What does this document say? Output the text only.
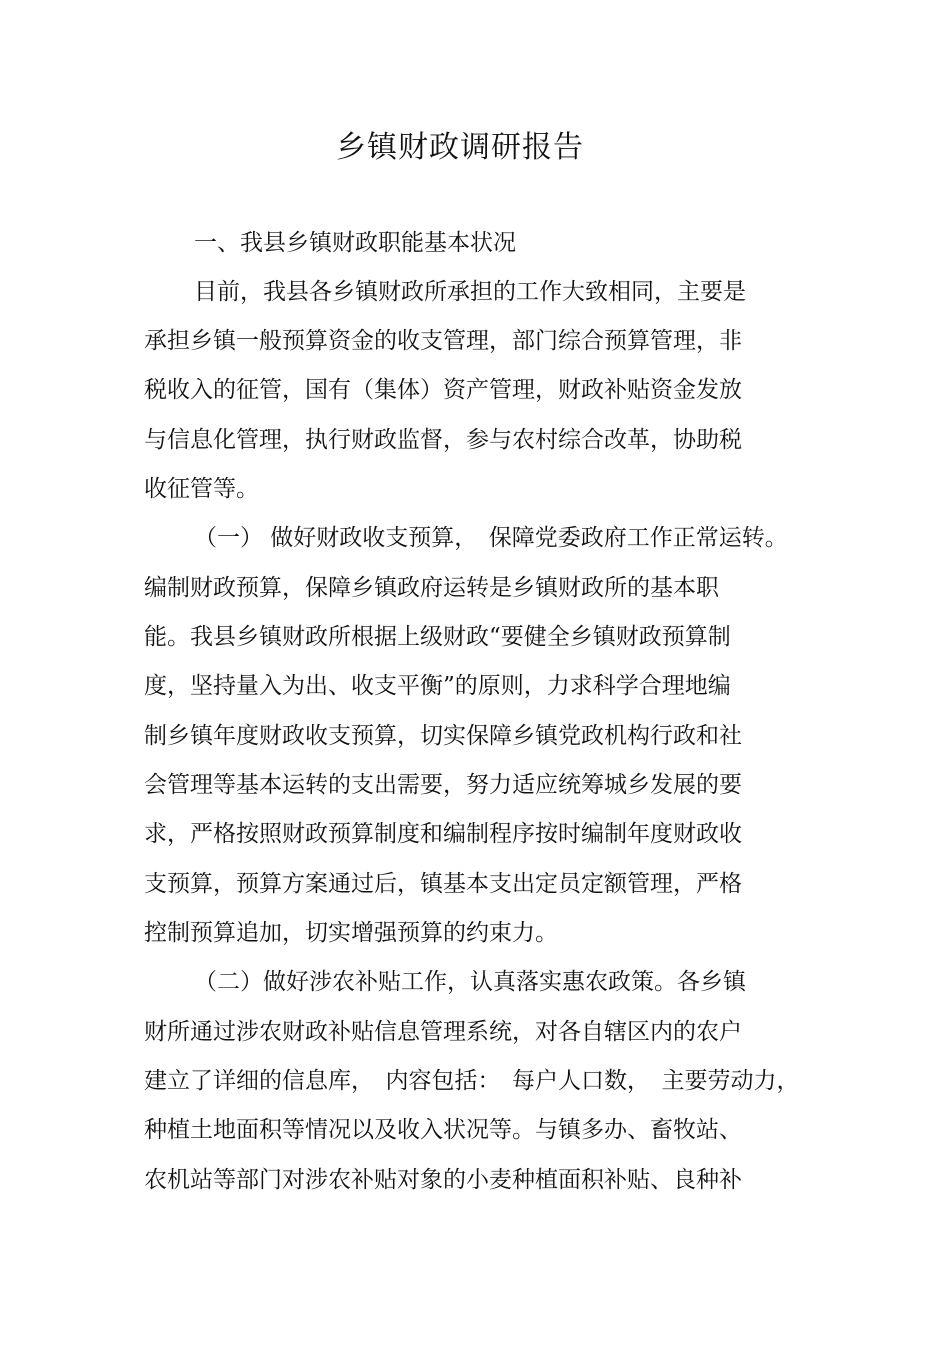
乡镇财政调研报告
一、我县乡镇财政职能基本状况
目前，我县各乡镇财政所承担的工作大致相同，主要是
承担乡镇一般预算资金的收支管理，部门综合预算管理，非
税收入的征管，国有（集体）资产管理，财政补贴资金发放
与信息化管理，执行财政监督，参与农村综合改革，协助税
收征管等。
（一） 做好财政收支预算，　保障党委政府工作正常运转。
编制财政预算，保障乡镇政府运转是乡镇财政所的基本职
能。我县乡镇财政所根据上级财政“要健全乡镇财政预算制
度，坚持量入为出、收支平衡”的原则，力求科学合理地编
制乡镇年度财政收支预算，切实保障乡镇党政机构行政和社
会管理等基本运转的支出需要，努力适应统筹城乡发展的要
求，严格按照财政预算制度和编制程序按时编制年度财政收
支预算，预算方案通过后，镇基本支出定员定额管理，严格
控制预算追加，切实增强预算的约束力。
（二）做好涉农补贴工作，认真落实惠农政策。各乡镇
财所通过涉农财政补贴信息管理系统，对各自辖区内的农户
建立了详细的信息库，　内容包括：　每户人口数，　主要劳动力，
种植土地面积等情况以及收入状况等。与镇多办、畜牧站、
农机站等部门对涉农补贴对象的小麦种植面积补贴、良种补
